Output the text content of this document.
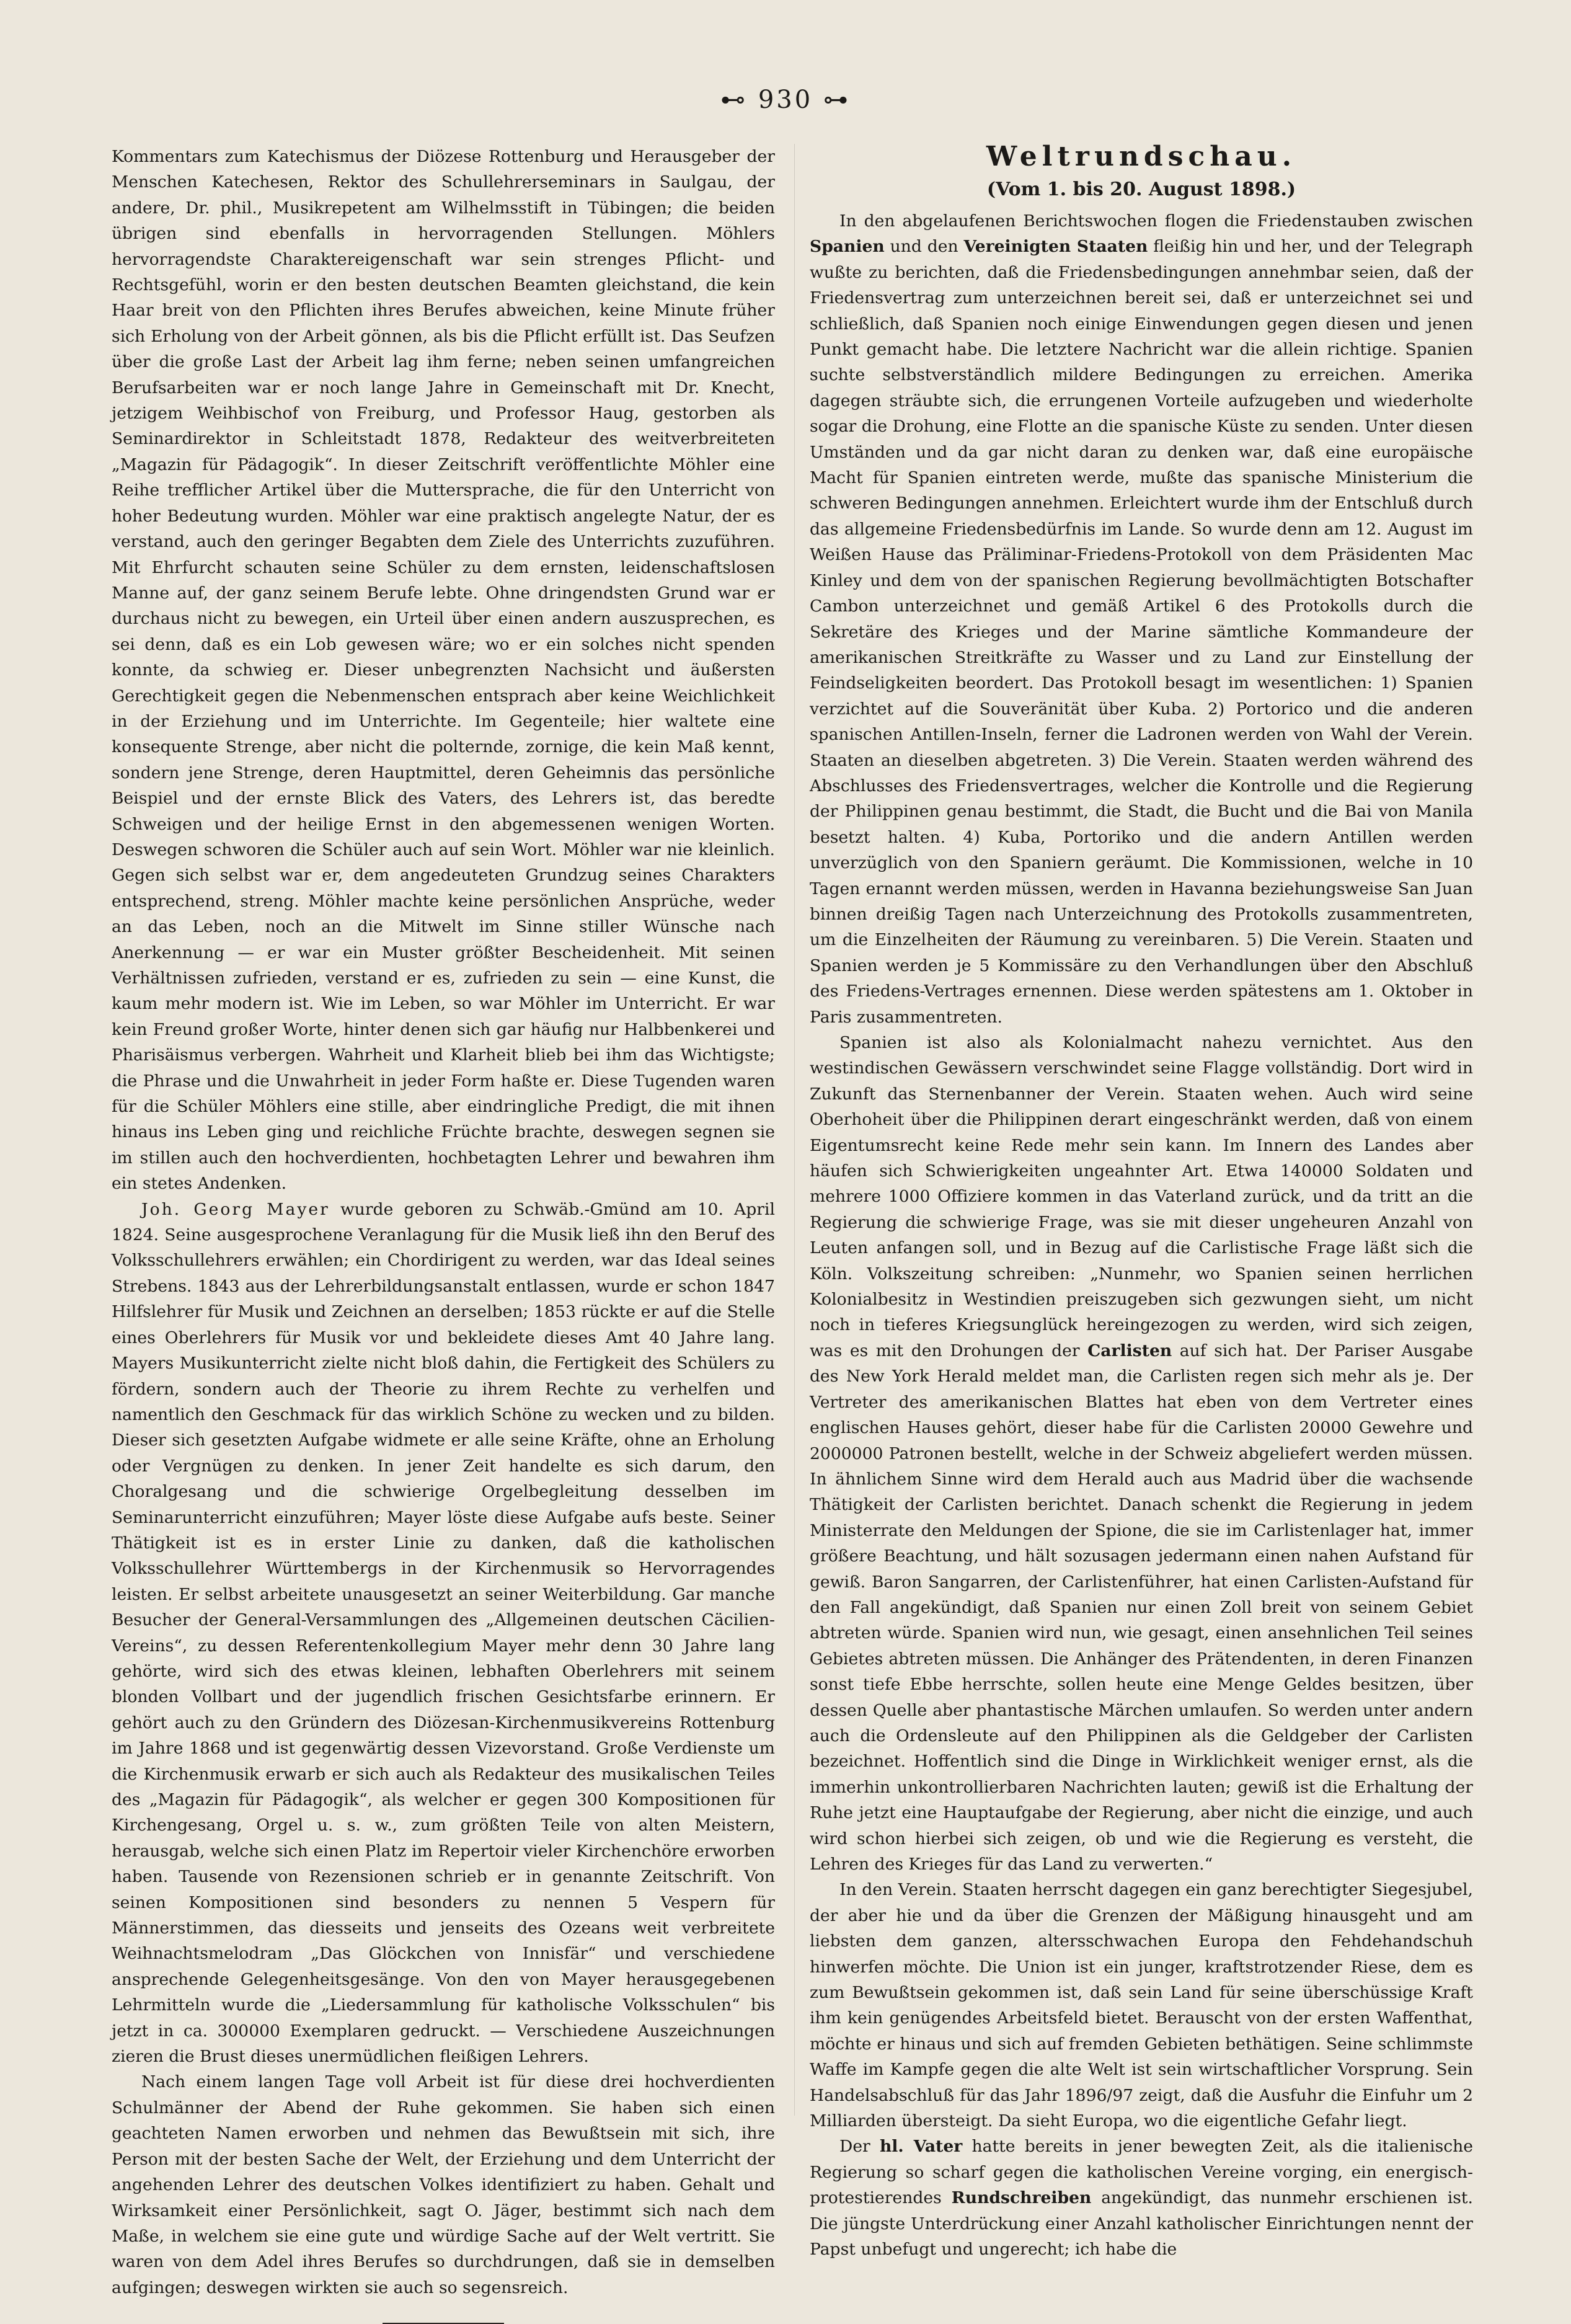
⊷ 930 ⊶

Kommentars zum Katechismus der Diözese Rottenburg und Herausgeber der Menschen Katechesen, Rektor des Schullehrerseminars in Saulgau, der andere, Dr. phil., Musikrepetent am Wilhelmsstift in Tübingen; die beiden übrigen sind ebenfalls in hervorragenden Stellungen. Möhlers hervorragendste Charaktereigenschaft war sein strenges Pflicht- und Rechtsgefühl, worin er den besten deutschen Beamten gleichstand, die kein Haar breit von den Pflichten ihres Berufes abweichen, keine Minute früher sich Erholung von der Arbeit gönnen, als bis die Pflicht erfüllt ist. Das Seufzen über die große Last der Arbeit lag ihm ferne; neben seinen umfangreichen Berufsarbeiten war er noch lange Jahre in Gemeinschaft mit Dr. Knecht, jetzigem Weihbischof von Freiburg, und Professor Haug, gestorben als Seminardirektor in Schleitstadt 1878, Redakteur des weitverbreiteten „Magazin für Pädagogik“. In dieser Zeitschrift veröffentlichte Möhler eine Reihe trefflicher Artikel über die Muttersprache, die für den Unterricht von hoher Bedeutung wurden. Möhler war eine praktisch angelegte Natur, der es verstand, auch den geringer Begabten dem Ziele des Unterrichts zuzuführen. Mit Ehrfurcht schauten seine Schüler zu dem ernsten, leidenschaftslosen Manne auf, der ganz seinem Berufe lebte. Ohne dringendsten Grund war er durchaus nicht zu bewegen, ein Urteil über einen andern auszusprechen, es sei denn, daß es ein Lob gewesen wäre; wo er ein solches nicht spenden konnte, da schwieg er. Dieser unbegrenzten Nachsicht und äußersten Gerechtigkeit gegen die Nebenmenschen entsprach aber keine Weichlichkeit in der Erziehung und im Unterrichte. Im Gegenteile; hier waltete eine konsequente Strenge, aber nicht die polternde, zornige, die kein Maß kennt, sondern jene Strenge, deren Hauptmittel, deren Geheimnis das persönliche Beispiel und der ernste Blick des Vaters, des Lehrers ist, das beredte Schweigen und der heilige Ernst in den abgemessenen wenigen Worten. Deswegen schworen die Schüler auch auf sein Wort. Möhler war nie kleinlich. Gegen sich selbst war er, dem angedeuteten Grundzug seines Charakters entsprechend, streng. Möhler machte keine persönlichen Ansprüche, weder an das Leben, noch an die Mitwelt im Sinne stiller Wünsche nach Anerkennung — er war ein Muster größter Bescheidenheit. Mit seinen Verhältnissen zufrieden, verstand er es, zufrieden zu sein — eine Kunst, die kaum mehr modern ist. Wie im Leben, so war Möhler im Unterricht. Er war kein Freund großer Worte, hinter denen sich gar häufig nur Halbbenkerei und Pharisäismus verbergen. Wahrheit und Klarheit blieb bei ihm das Wichtigste; die Phrase und die Unwahrheit in jeder Form haßte er. Diese Tugenden waren für die Schüler Möhlers eine stille, aber eindringliche Predigt, die mit ihnen hinaus ins Leben ging und reichliche Früchte brachte, deswegen segnen sie im stillen auch den hochverdienten, hochbetagten Lehrer und bewahren ihm ein stetes Andenken.

Joh. Georg Mayer wurde geboren zu Schwäb.-Gmünd am 10. April 1824. Seine ausgesprochene Veranlagung für die Musik ließ ihn den Beruf des Volksschullehrers erwählen; ein Chordirigent zu werden, war das Ideal seines Strebens. 1843 aus der Lehrerbildungsanstalt entlassen, wurde er schon 1847 Hilfslehrer für Musik und Zeichnen an derselben; 1853 rückte er auf die Stelle eines Oberlehrers für Musik vor und bekleidete dieses Amt 40 Jahre lang. Mayers Musikunterricht zielte nicht bloß dahin, die Fertigkeit des Schülers zu fördern, sondern auch der Theorie zu ihrem Rechte zu verhelfen und namentlich den Geschmack für das wirklich Schöne zu wecken und zu bilden. Dieser sich gesetzten Aufgabe widmete er alle seine Kräfte, ohne an Erholung oder Vergnügen zu denken. In jener Zeit handelte es sich darum, den Choralgesang und die schwierige Orgelbegleitung desselben im Seminarunterricht einzuführen; Mayer löste diese Aufgabe aufs beste. Seiner Thätigkeit ist es in erster Linie zu danken, daß die katholischen Volksschullehrer Württembergs in der Kirchenmusik so Hervorragendes leisten. Er selbst arbeitete unausgesetzt an seiner Weiterbildung. Gar manche Besucher der General-Versammlungen des „Allgemeinen deutschen Cäcilien-Vereins“, zu dessen Referentenkollegium Mayer mehr denn 30 Jahre lang gehörte, wird sich des etwas kleinen, lebhaften Oberlehrers mit seinem blonden Vollbart und der jugendlich frischen Gesichtsfarbe erinnern. Er gehört auch zu den Gründern des Diözesan-Kirchenmusikvereins Rottenburg im Jahre 1868 und ist gegenwärtig dessen Vizevorstand. Große Verdienste um die Kirchenmusik erwarb er sich auch als Redakteur des musikalischen Teiles des „Magazin für Pädagogik“, als welcher er gegen 300 Kompositionen für Kirchengesang, Orgel u. s. w., zum größten Teile von alten Meistern, herausgab, welche sich einen Platz im Repertoir vieler Kirchenchöre erworben haben. Tausende von Rezensionen schrieb er in genannte Zeitschrift. Von seinen Kompositionen sind besonders zu nennen 5 Vespern für Männerstimmen, das diesseits und jenseits des Ozeans weit verbreitete Weihnachtsmelodram „Das Glöckchen von Innisfär“ und verschiedene ansprechende Gelegenheitsgesänge. Von den von Mayer herausgegebenen Lehrmitteln wurde die „Liedersammlung für katholische Volksschulen“ bis jetzt in ca. 300000 Exemplaren gedruckt. — Verschiedene Auszeichnungen zieren die Brust dieses unermüdlichen fleißigen Lehrers.

Nach einem langen Tage voll Arbeit ist für diese drei hochverdienten Schulmänner der Abend der Ruhe gekommen. Sie haben sich einen geachteten Namen erworben und nehmen das Bewußtsein mit sich, ihre Person mit der besten Sache der Welt, der Erziehung und dem Unterricht der angehenden Lehrer des deutschen Volkes identifiziert zu haben. Gehalt und Wirksamkeit einer Persönlichkeit, sagt O. Jäger, bestimmt sich nach dem Maße, in welchem sie eine gute und würdige Sache auf der Welt vertritt. Sie waren von dem Adel ihres Berufes so durchdrungen, daß sie in demselben aufgingen; deswegen wirkten sie auch so segensreich.

Weltrundschau.
(Vom 1. bis 20. August 1898.)

In den abgelaufenen Berichtswochen flogen die Friedenstauben zwischen Spanien und den Vereinigten Staaten fleißig hin und her, und der Telegraph wußte zu berichten, daß die Friedensbedingungen annehmbar seien, daß der Friedensvertrag zum unterzeichnen bereit sei, daß er unterzeichnet sei und schließlich, daß Spanien noch einige Einwendungen gegen diesen und jenen Punkt gemacht habe. Die letztere Nachricht war die allein richtige. Spanien suchte selbstverständlich mildere Bedingungen zu erreichen. Amerika dagegen sträubte sich, die errungenen Vorteile aufzugeben und wiederholte sogar die Drohung, eine Flotte an die spanische Küste zu senden. Unter diesen Umständen und da gar nicht daran zu denken war, daß eine europäische Macht für Spanien eintreten werde, mußte das spanische Ministerium die schweren Bedingungen annehmen. Erleichtert wurde ihm der Entschluß durch das allgemeine Friedensbedürfnis im Lande. So wurde denn am 12. August im Weißen Hause das Präliminar-Friedens-Protokoll von dem Präsidenten Mac Kinley und dem von der spanischen Regierung bevollmächtigten Botschafter Cambon unterzeichnet und gemäß Artikel 6 des Protokolls durch die Sekretäre des Krieges und der Marine sämtliche Kommandeure der amerikanischen Streitkräfte zu Wasser und zu Land zur Einstellung der Feindseligkeiten beordert. Das Protokoll besagt im wesentlichen: 1) Spanien verzichtet auf die Souveränität über Kuba. 2) Portorico und die anderen spanischen Antillen-Inseln, ferner die Ladronen werden von Wahl der Verein. Staaten an dieselben abgetreten. 3) Die Verein. Staaten werden während des Abschlusses des Friedensvertrages, welcher die Kontrolle und die Regierung der Philippinen genau bestimmt, die Stadt, die Bucht und die Bai von Manila besetzt halten. 4) Kuba, Portoriko und die andern Antillen werden unverzüglich von den Spaniern geräumt. Die Kommissionen, welche in 10 Tagen ernannt werden müssen, werden in Havanna beziehungsweise San Juan binnen dreißig Tagen nach Unterzeichnung des Protokolls zusammentreten, um die Einzelheiten der Räumung zu vereinbaren. 5) Die Verein. Staaten und Spanien werden je 5 Kommissäre zu den Verhandlungen über den Abschluß des Friedens-Vertrages ernennen. Diese werden spätestens am 1. Oktober in Paris zusammentreten.

Spanien ist also als Kolonialmacht nahezu vernichtet. Aus den westindischen Gewässern verschwindet seine Flagge vollständig. Dort wird in Zukunft das Sternenbanner der Verein. Staaten wehen. Auch wird seine Oberhoheit über die Philippinen derart eingeschränkt werden, daß von einem Eigentumsrecht keine Rede mehr sein kann. Im Innern des Landes aber häufen sich Schwierigkeiten ungeahnter Art. Etwa 140000 Soldaten und mehrere 1000 Offiziere kommen in das Vaterland zurück, und da tritt an die Regierung die schwierige Frage, was sie mit dieser ungeheuren Anzahl von Leuten anfangen soll, und in Bezug auf die Carlistische Frage läßt sich die Köln. Volkszeitung schreiben: „Nunmehr, wo Spanien seinen herrlichen Kolonialbesitz in Westindien preiszugeben sich gezwungen sieht, um nicht noch in tieferes Kriegsunglück hereingezogen zu werden, wird sich zeigen, was es mit den Drohungen der Carlisten auf sich hat. Der Pariser Ausgabe des New York Herald meldet man, die Carlisten regen sich mehr als je. Der Vertreter des amerikanischen Blattes hat eben von dem Vertreter eines englischen Hauses gehört, dieser habe für die Carlisten 20000 Gewehre und 2000000 Patronen bestellt, welche in der Schweiz abgeliefert werden müssen. In ähnlichem Sinne wird dem Herald auch aus Madrid über die wachsende Thätigkeit der Carlisten berichtet. Danach schenkt die Regierung in jedem Ministerrate den Meldungen der Spione, die sie im Carlistenlager hat, immer größere Beachtung, und hält sozusagen jedermann einen nahen Aufstand für gewiß. Baron Sangarren, der Carlistenführer, hat einen Carlisten-Aufstand für den Fall angekündigt, daß Spanien nur einen Zoll breit von seinem Gebiet abtreten würde. Spanien wird nun, wie gesagt, einen ansehnlichen Teil seines Gebietes abtreten müssen. Die Anhänger des Prätendenten, in deren Finanzen sonst tiefe Ebbe herrschte, sollen heute eine Menge Geldes besitzen, über dessen Quelle aber phantastische Märchen umlaufen. So werden unter andern auch die Ordensleute auf den Philippinen als die Geldgeber der Carlisten bezeichnet. Hoffentlich sind die Dinge in Wirklichkeit weniger ernst, als die immerhin unkontrollierbaren Nachrichten lauten; gewiß ist die Erhaltung der Ruhe jetzt eine Hauptaufgabe der Regierung, aber nicht die einzige, und auch wird schon hierbei sich zeigen, ob und wie die Regierung es versteht, die Lehren des Krieges für das Land zu verwerten.“

In den Verein. Staaten herrscht dagegen ein ganz berechtigter Siegesjubel, der aber hie und da über die Grenzen der Mäßigung hinausgeht und am liebsten dem ganzen, altersschwachen Europa den Fehdehandschuh hinwerfen möchte. Die Union ist ein junger, kraftstrotzender Riese, dem es zum Bewußtsein gekommen ist, daß sein Land für seine überschüssige Kraft ihm kein genügendes Arbeitsfeld bietet. Berauscht von der ersten Waffenthat, möchte er hinaus und sich auf fremden Gebieten bethätigen. Seine schlimmste Waffe im Kampfe gegen die alte Welt ist sein wirtschaftlicher Vorsprung. Sein Handelsabschluß für das Jahr 1896/97 zeigt, daß die Ausfuhr die Einfuhr um 2 Milliarden übersteigt. Da sieht Europa, wo die eigentliche Gefahr liegt.

Der hl. Vater hatte bereits in jener bewegten Zeit, als die italienische Regierung so scharf gegen die katholischen Vereine vorging, ein energisch-protestierendes Rundschreiben angekündigt, das nunmehr erschienen ist. Die jüngste Unterdrückung einer Anzahl katholischer Einrichtungen nennt der Papst unbefugt und ungerecht; ich habe die
